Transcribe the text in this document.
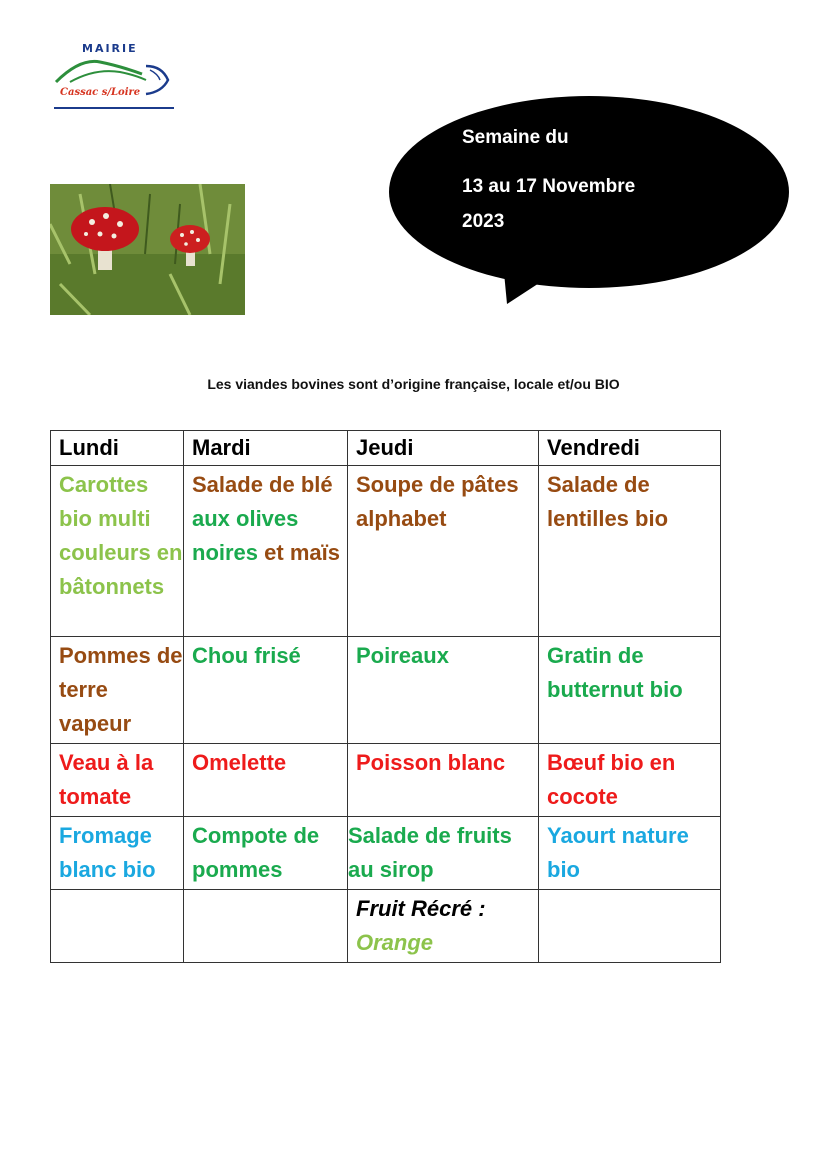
MAIRIE
Cassac s/Loire
Semaine du
13 au 17 Novembre
2023
Les viandes bovines sont d’origine française, locale et/ou BIO
Lundi	Mardi	Jeudi	Vendredi
Carottes bio multi couleurs en bâtonnets	Salade de blé aux olives noires et maïs	Soupe de pâtes alphabet	Salade de lentilles bio
Pommes de terre vapeur	Chou frisé	Poireaux	Gratin de butternut bio
Veau à la tomate	Omelette	Poisson blanc	Bœuf bio en cocote
Fromage blanc bio	Compote de pommes	Salade de fruits au sirop	Yaourt nature bio

		Fruit Récré :
Orange	
